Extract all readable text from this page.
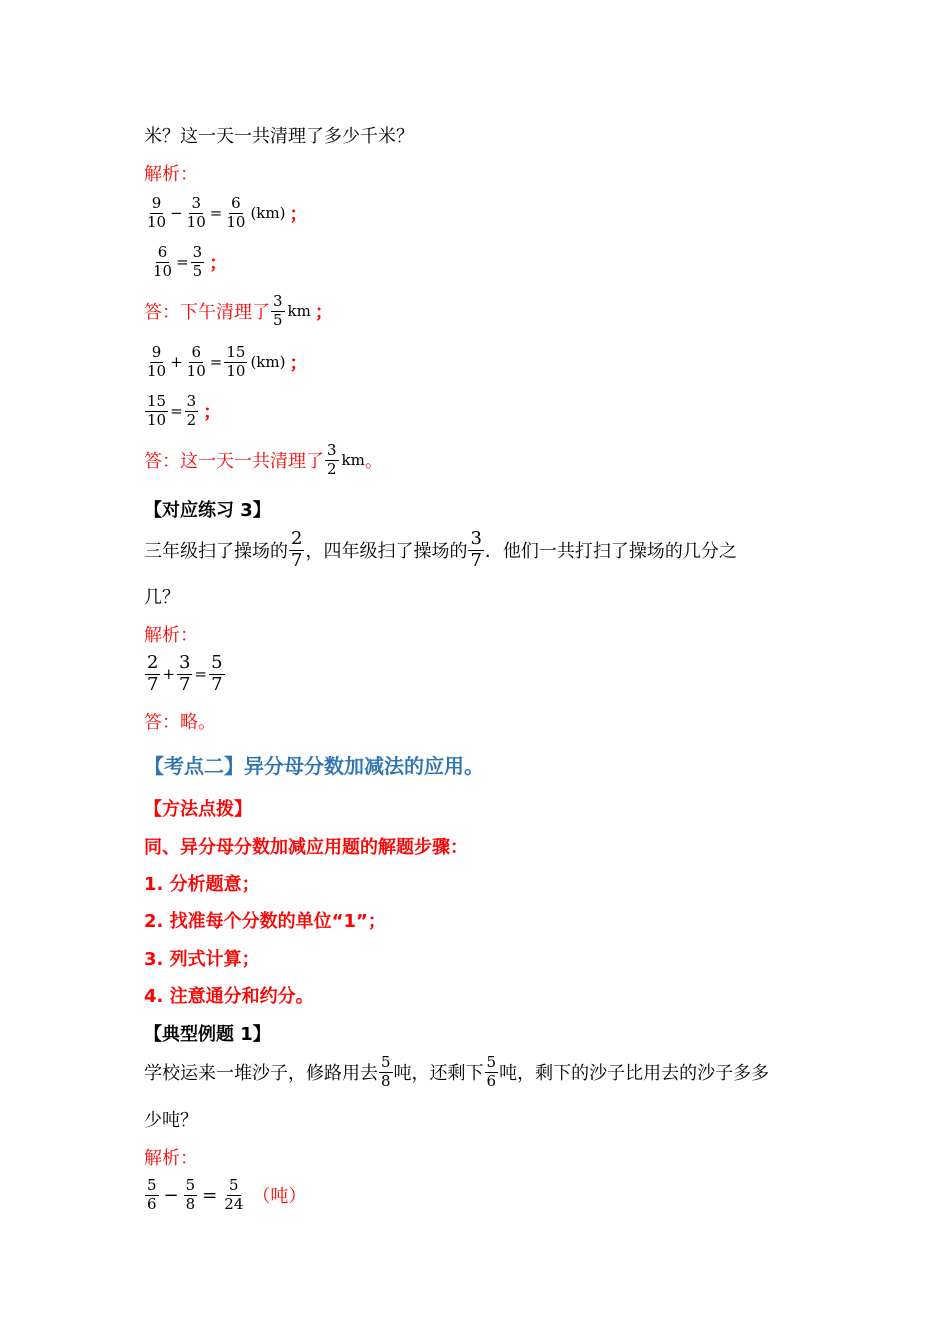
米？这一天一共清理了多少千米？
解析：
$\frac{9}{10} - \frac{3}{10} = \frac{6}{10} (km)$ ；
$\frac{6}{10} = \frac{3}{5}$ ；
答：下午清理了 $\frac{3}{5}$ km ；
$\frac{9}{10} + \frac{6}{10} = \frac{15}{10} (km)$ ；
$\frac{15}{10} = \frac{3}{2}$ ；
答：这一天一共清理了 $\frac{3}{2}$ km 。
【对应练习 3】
三年级扫了操场的 $\frac{2}{7}$ ，四年级扫了操场的 $\frac{3}{7}$ ．他们一共打扫了操场的几分之
几？
解析：
$\frac{2}{7} + \frac{3}{7} = \frac{5}{7}$
答：略。
【考点二】异分母分数加减法的应用。
【方法点拨】
同、异分母分数加减应用题的解题步骤：
1. 分析题意；
2. 找准每个分数的单位“1”；
3. 列式计算；
4. 注意通分和约分。
【典型例题 1】
学校运来一堆沙子，修路用去 $\frac{5}{8}$ 吨，还剩下 $\frac{5}{6}$ 吨，剩下的沙子比用去的沙子多多
少吨？
解析：
$\frac{5}{6} - \frac{5}{8} = \frac{5}{24}$ （吨）
